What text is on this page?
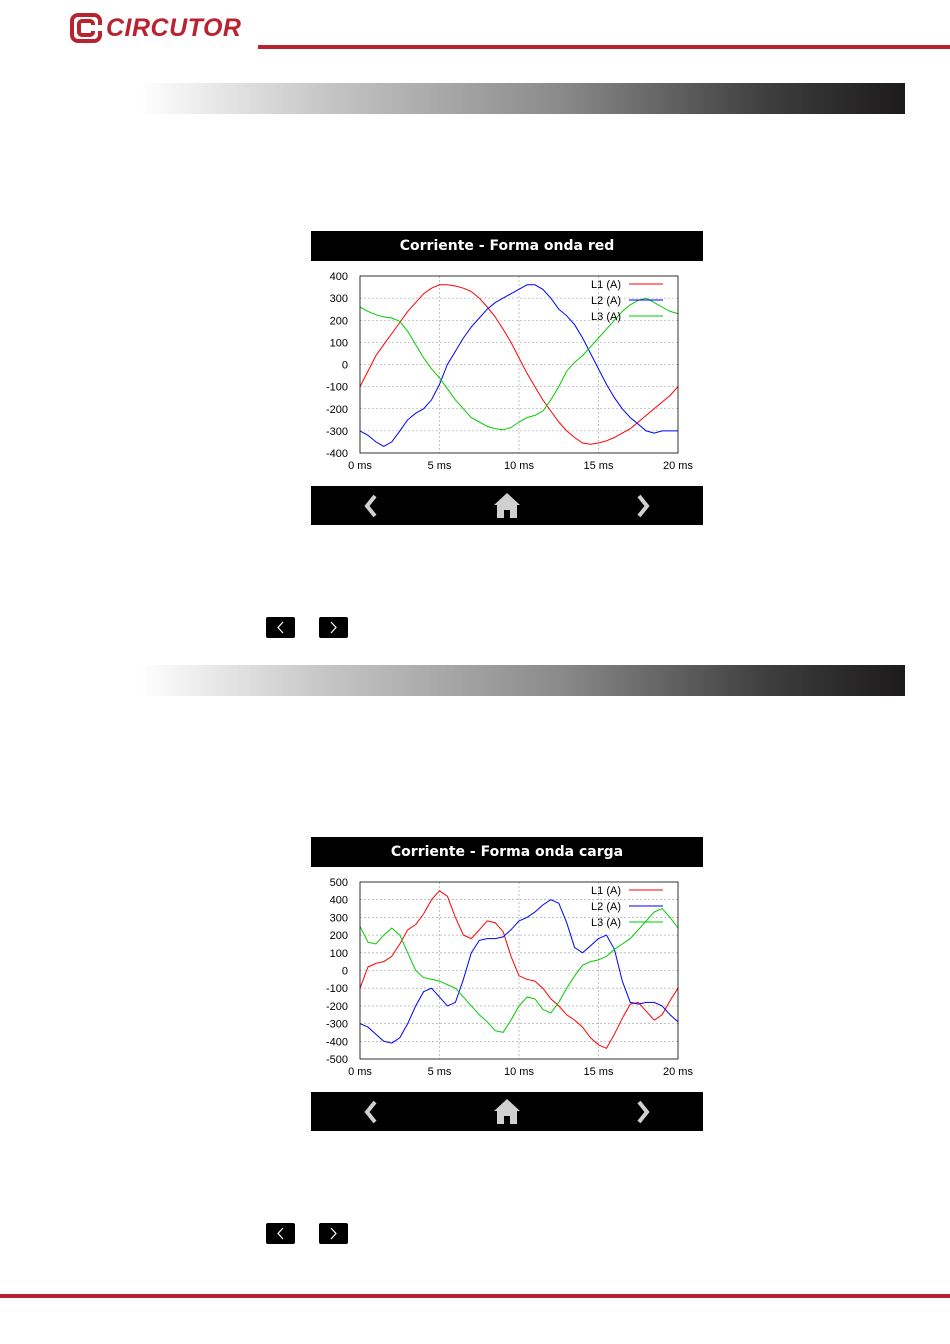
CIRCUTOR
Corriente - Forma onda red
400
300
200
100
0
-100
-200
-300
-400
0 ms	5 ms	10 ms	15 ms	20 ms
L1 (A)
L2 (A)
L3 (A)
Corriente - Forma onda carga
500
400
300
200
100
0
-100
-200
-300
-400
-500
0 ms	5 ms	10 ms	15 ms	20 ms
L1 (A)
L2 (A)
L3 (A)
